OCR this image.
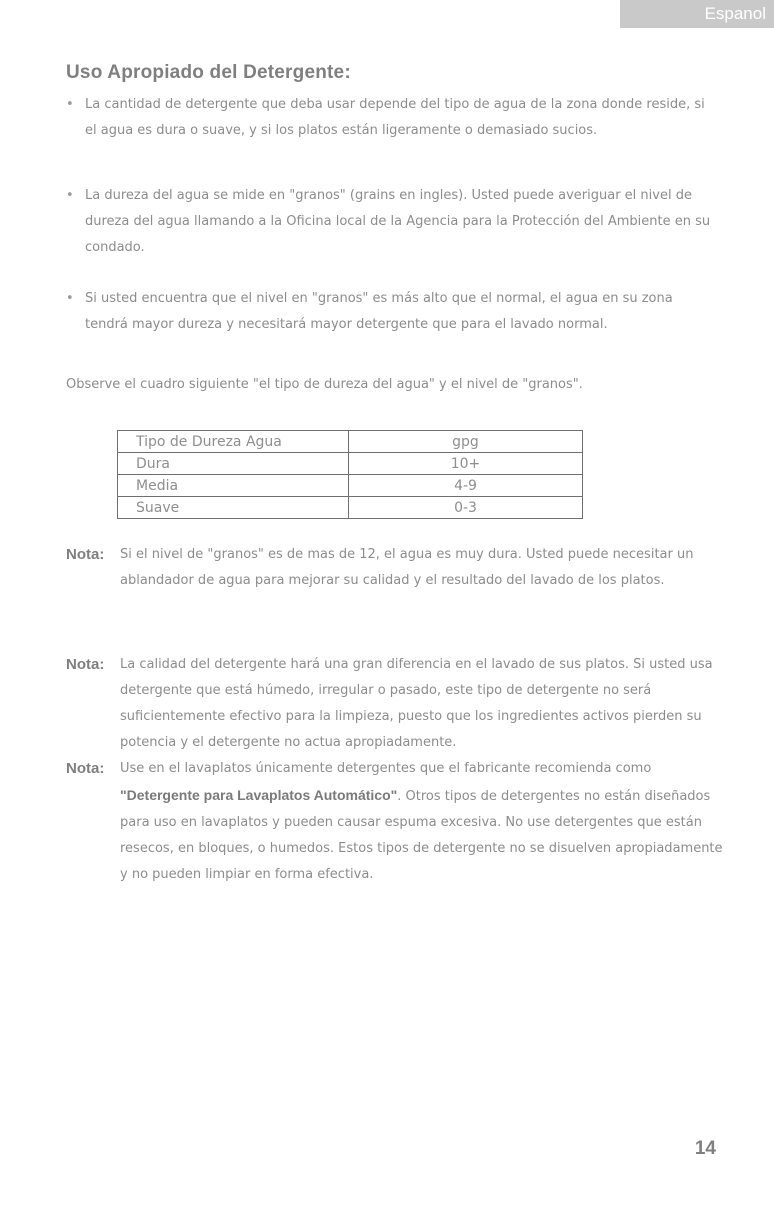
Espanol
Uso Apropiado del Detergente:
• La cantidad de detergente que deba usar depende del tipo de agua de la zona donde reside, si el agua es dura o suave, y si los platos están ligeramente o demasiado sucios.
• La dureza del agua se mide en "granos" (grains en ingles). Usted puede averiguar el nivel de dureza del agua llamando a la Oficina local de la Agencia para la Protección del Ambiente en su condado.
• Si usted encuentra que el nivel en "granos" es más alto que el normal, el agua en su zona tendrá mayor dureza y necesitará mayor detergente que para el lavado normal.
Observe el cuadro siguiente "el tipo de dureza del agua" y el nivel de "granos".
Tipo de Dureza Agua	gpg
Dura	10+
Media	4-9
Suave	0-3
Nota:	Si el nivel de "granos" es de mas de 12, el agua es muy dura. Usted puede necesitar un ablandador de agua para mejorar su calidad y el resultado del lavado de los platos.
Nota:	La calidad del detergente hará una gran diferencia en el lavado de sus platos. Si usted usa detergente que está húmedo, irregular o pasado, este tipo de detergente no será suficientemente efectivo para la limpieza, puesto que los ingredientes activos pierden su potencia y el detergente no actua apropiadamente.
Nota:	Use en el lavaplatos únicamente detergentes que el fabricante recomienda como "Detergente para Lavaplatos Automático". Otros tipos de detergentes no están diseñados para uso en lavaplatos y pueden causar espuma excesiva. No use detergentes que están resecos, en bloques, o humedos. Estos tipos de detergente no se disuelven apropiadamente y no pueden limpiar en forma efectiva.
14
